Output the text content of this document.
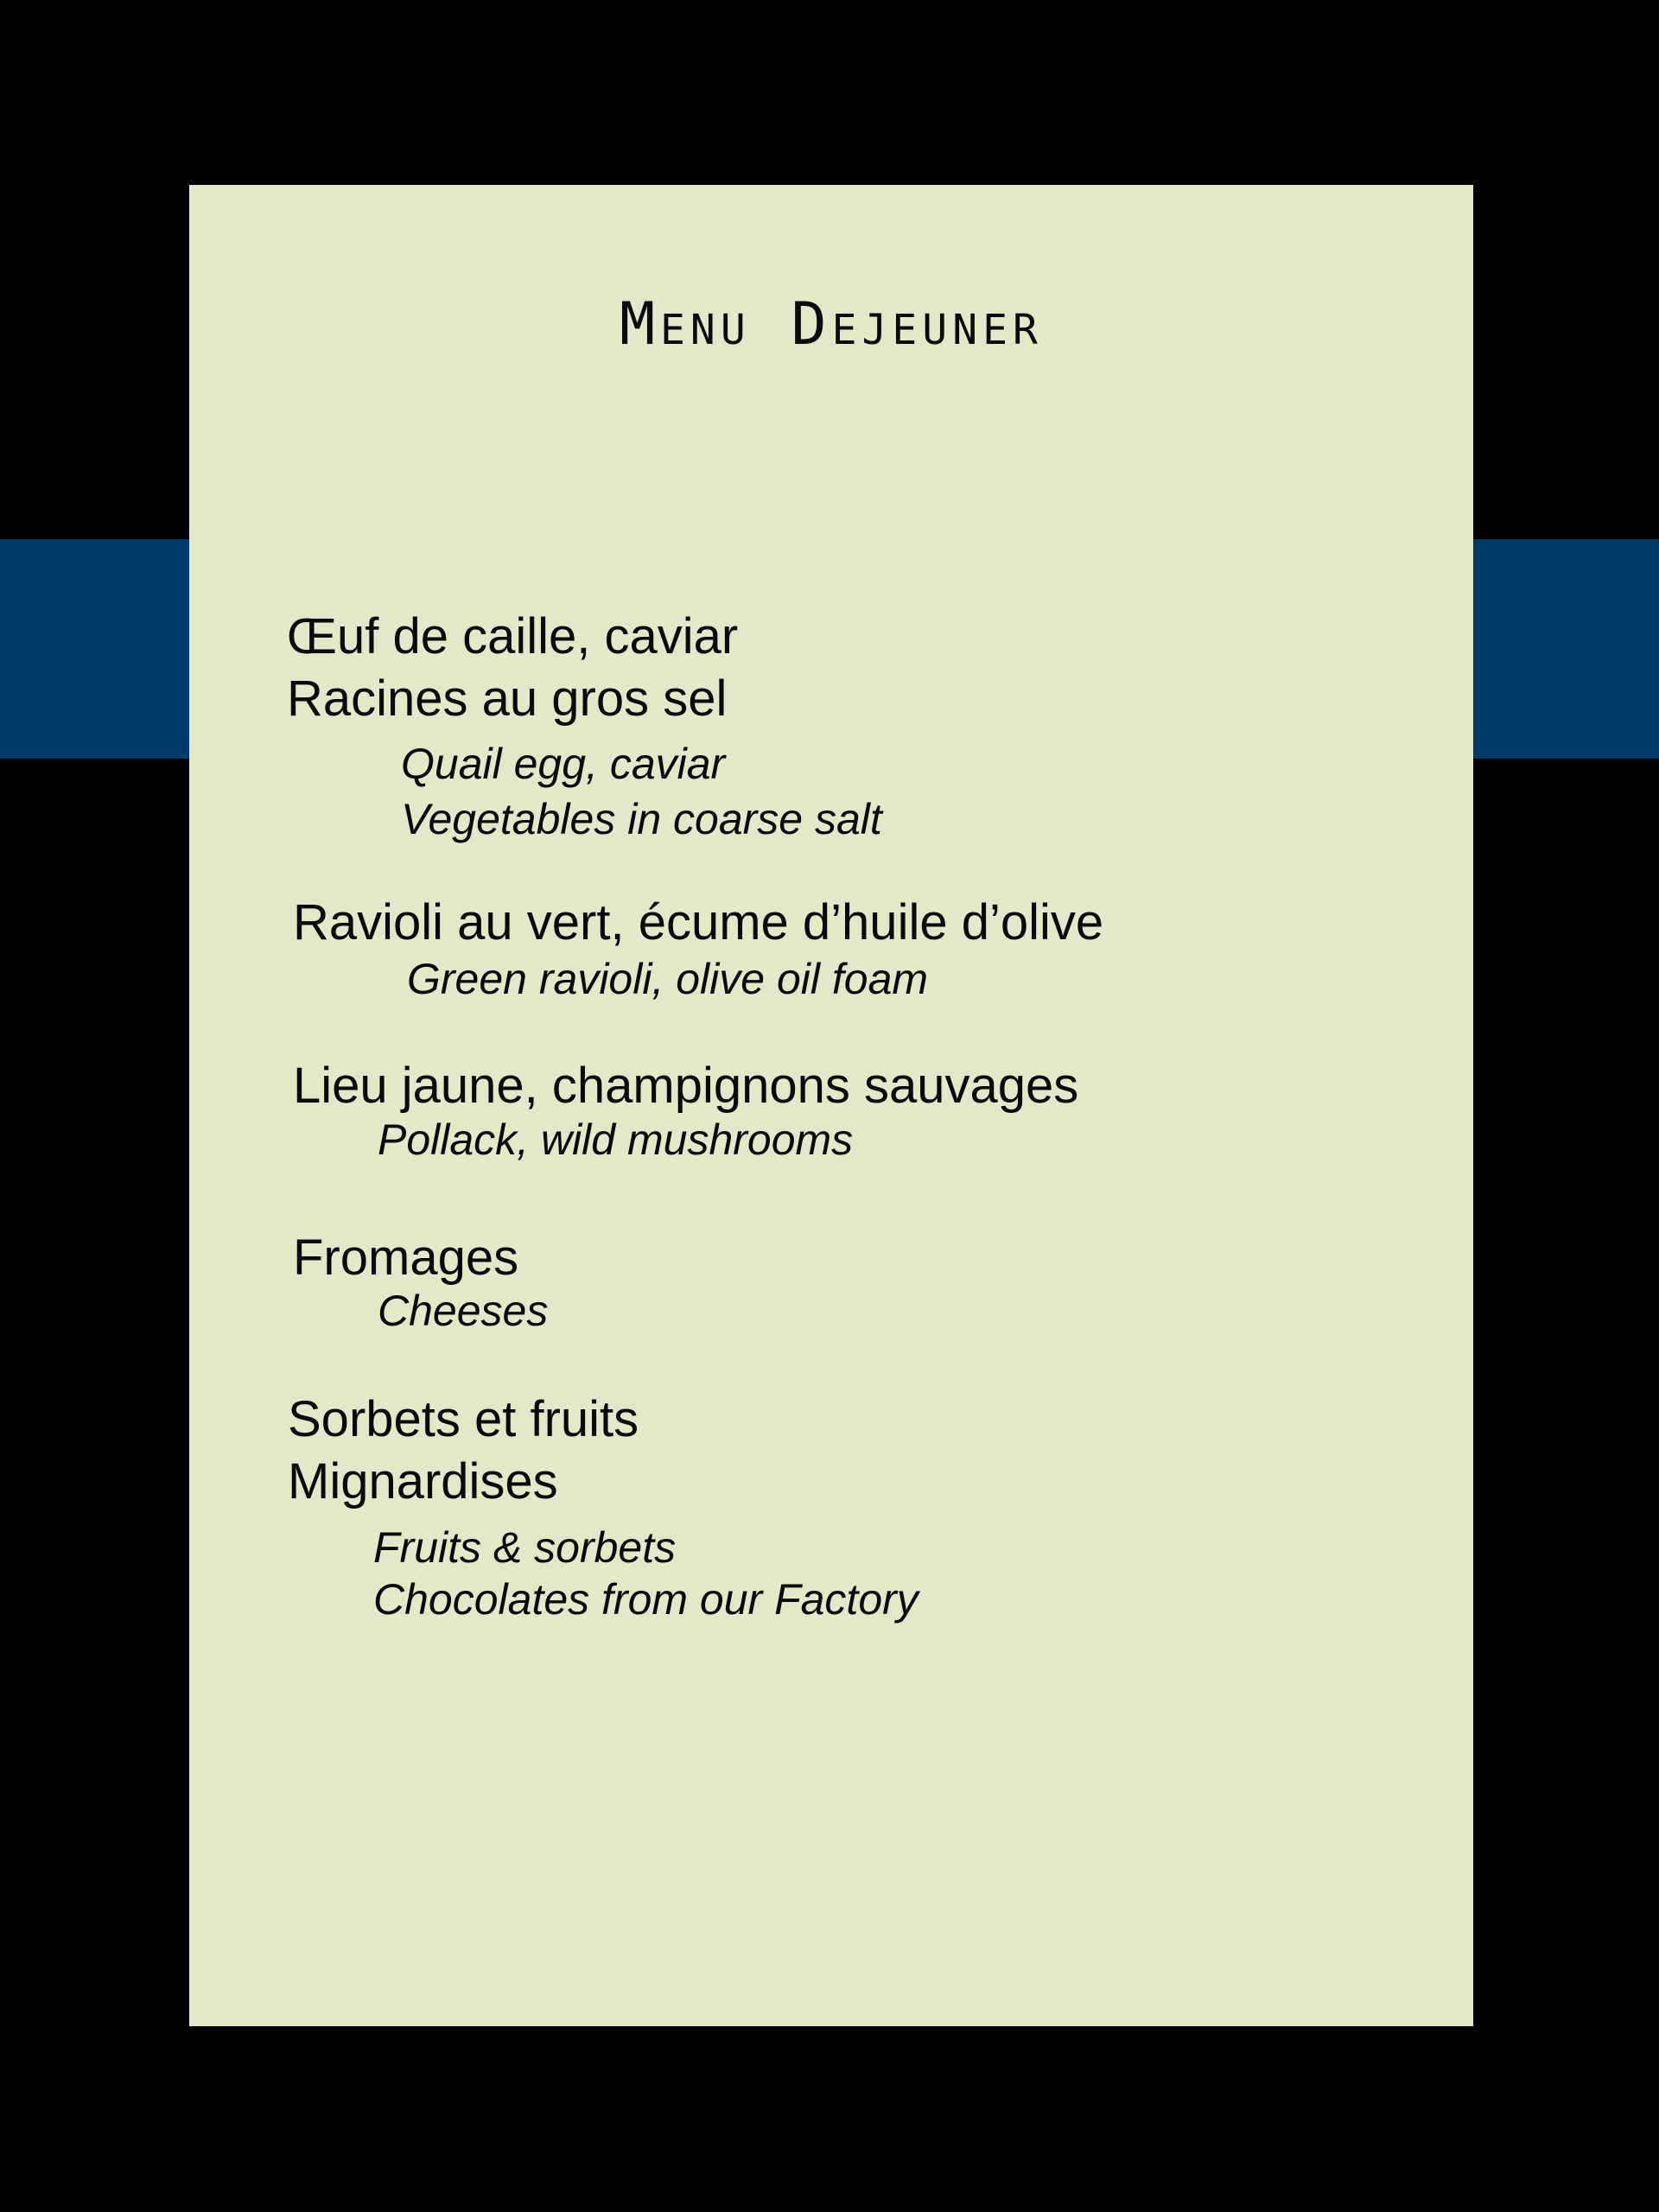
Menu Dejeuner
Œuf de caille, caviar
Racines au gros sel
Quail egg, caviar
Vegetables in coarse salt
Ravioli au vert, écume d’huile d’olive
Green ravioli, olive oil foam
Lieu jaune, champignons sauvages
Pollack, wild mushrooms
Fromages
Cheeses
Sorbets et fruits
Mignardises
Fruits & sorbets
Chocolates from our Factory
